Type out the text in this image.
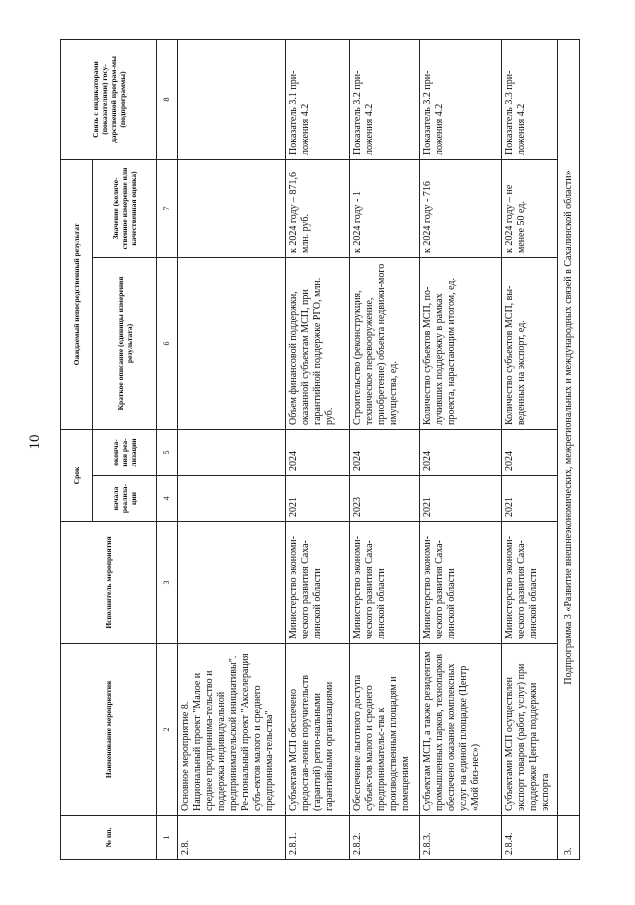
10
№ пп.	Наименование мероприятия	Исполнитель мероприятия	Срок		Ожидаемый непосредственный результат		Связь с индикаторами (показателями) госу-дарственной програм-мы (подпрограммы)
			начала реализа-ции	оконча-ния реа-лизации	Краткое описание (единицы измерения результата)	Значение (количе-ственное измерение или качественная оценка)	
1	2	3	4	5	6	7	8
2.8.	Основное мероприятие 8. Национальный проект "Малое и среднее предпринима-тельство и поддержка индивидуальной предпринимательской инициативы". Ре-гиональный проект "Акселерация субъ-ектов малого и среднего предпринима-тельства"						
2.8.1.	Субъектам МСП обеспечено предостав-ление поручительств (гарантий) регио-нальными гарантийными организациями	Министерство экономи-ческого развития Саха-линской области	2021	2024	Объем финансовой поддержки, оказанной субъектам МСП, при гарантийной поддержке РГО, млн. руб.	к 2024 году – 871,6 млн. руб.	Показатель 3.1 при-ложения 4.2
2.8.2.	Обеспечение льготного доступа субъек-тов малого и среднего предпринимательс-тва к производственным площадям и помещениям	Министерство экономи-ческого развития Саха-линской области	2023	2024	Строительство (реконструкция, техническое перевооружение, приобретение) объекта недвижи-мого имущества, ед.	к 2024 году - 1	Показатель 3.2 при-ложения 4.2
2.8.3.	Субъектам МСП, а также резидентам промышленных парков, технопарков обеспечено оказание комплексных услуг на единой площадке (Центр «Мой биз-нес»)	Министерство экономи-ческого развития Саха-линской области	2021	2024	Количество субъектов МСП, по-лучивших поддержку в рамках проекта, нарастающим итогом, ед.	к 2024 году - 716	Показатель 3.2 при-ложения 4.2
2.8.4.	Субъектами МСП осуществлен экспорт товаров (работ, услуг) при поддержке Центра поддержки экспорта	Министерство экономи-ческого развития Саха-линской области	2021	2024	Количество субъектов МСП, вы-веденных на экспорт, ед.	к 2024 году – не менее 50 ед.	Показатель 3.3 при-ложения 4.2
3.	Подпрограмма 3 «Развитие внешнеэкономических, межрегиональных и международных связей в Сахалинской области»						
